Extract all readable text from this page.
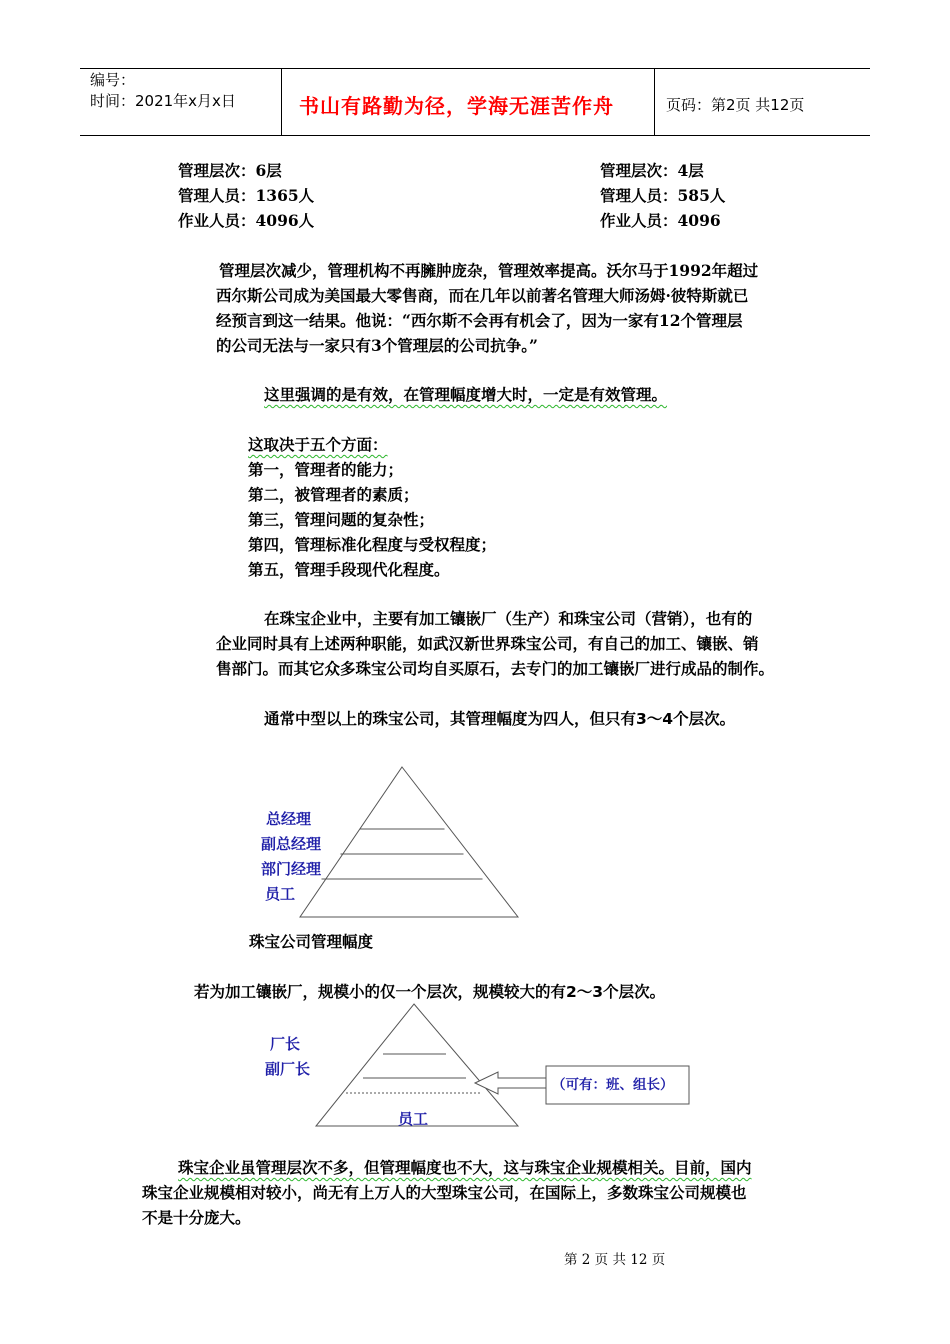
编号：
时间：2021年x月x日	书山有路勤为径，学海无涯苦作舟	页码：第2页 共12页
管理层次：6层
管理人员：1365人
作业人员：4096人
管理层次：4层
管理人员：585人
作业人员：4096
管理层次减少，管理机构不再臃肿庞杂，管理效率提高。沃尔马于1992年超过
西尔斯公司成为美国最大零售商，而在几年以前著名管理大师汤姆·彼特斯就已
经预言到这一结果。他说：“西尔斯不会再有机会了，因为一家有12个管理层
的公司无法与一家只有3个管理层的公司抗争。”
这里强调的是有效，在管理幅度增大时，一定是有效管理。
这取决于五个方面：
第一，管理者的能力；
第二，被管理者的素质；
第三，管理问题的复杂性；
第四，管理标准化程度与受权程度；
第五，管理手段现代化程度。
在珠宝企业中，主要有加工镶嵌厂（生产）和珠宝公司（营销），也有的
企业同时具有上述两种职能，如武汉新世界珠宝公司，有自己的加工、镶嵌、销
售部门。而其它众多珠宝公司均自买原石，去专门的加工镶嵌厂进行成品的制作。
通常中型以上的珠宝公司，其管理幅度为四人，但只有3～4个层次。
总经理
副总经理
部门经理
员工
珠宝公司管理幅度
若为加工镶嵌厂，规模小的仅一个层次，规模较大的有2～3个层次。
厂长
副厂长
员工
（可有：班、组长）
珠宝企业虽管理层次不多，但管理幅度也不大，这与珠宝企业规模相关。目前，国内
珠宝企业规模相对较小，尚无有上万人的大型珠宝公司，在国际上，多数珠宝公司规模也
不是十分庞大。
第 2 页 共 12 页
